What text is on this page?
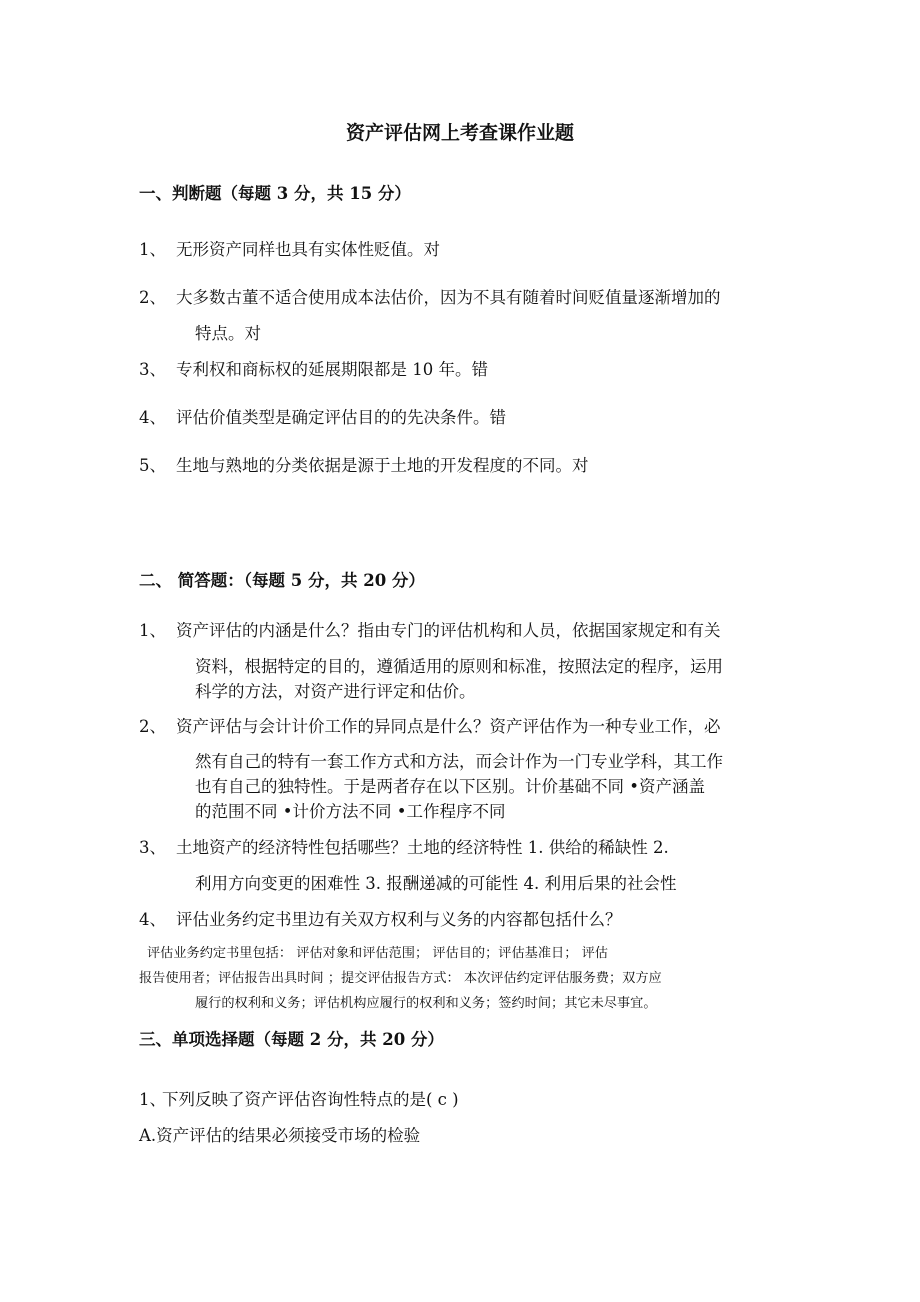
资产评估网上考查课作业题
一、判断题（每题 3 分，共 15 分）
1、 无形资产同样也具有实体性贬值。对
2、 大多数古董不适合使用成本法估价，因为不具有随着时间贬值量逐渐增加的
特点。对
3、 专利权和商标权的延展期限都是 10 年。错
4、 评估价值类型是确定评估目的的先决条件。错
5、 生地与熟地的分类依据是源于土地的开发程度的不同。对
二、 简答题：（每题 5 分，共 20 分）
1、 资产评估的内涵是什么？指由专门的评估机构和人员，依据国家规定和有关
资料，根据特定的目的，遵循适用的原则和标准，按照法定的程序，运用
科学的方法，对资产进行评定和估价。
2、 资产评估与会计计价工作的异同点是什么？资产评估作为一种专业工作，必
然有自己的特有一套工作方式和方法，而会计作为一门专业学科，其工作
也有自己的独特性。于是两者存在以下区别。计价基础不同 •资产涵盖
的范围不同 •计价方法不同 •工作程序不同
3、 土地资产的经济特性包括哪些？土地的经济特性 1. 供给的稀缺性 2.
利用方向变更的困难性 3. 报酬递减的可能性 4. 利用后果的社会性
4、 评估业务约定书里边有关双方权利与义务的内容都包括什么？
评估业务约定书里包括： 评估对象和评估范围； 评估目的；评估基准日； 评估
报告使用者；评估报告出具时间 ；提交评估报告方式： 本次评估约定评估服务费；双方应
履行的权利和义务；评估机构应履行的权利和义务；签约时间；其它未尽事宜。
三、单项选择题（每题 2 分，共 20 分）
1、
下列反映了资产评估咨询性特点的是( c )
A.资产评估的结果必须接受市场的检验
